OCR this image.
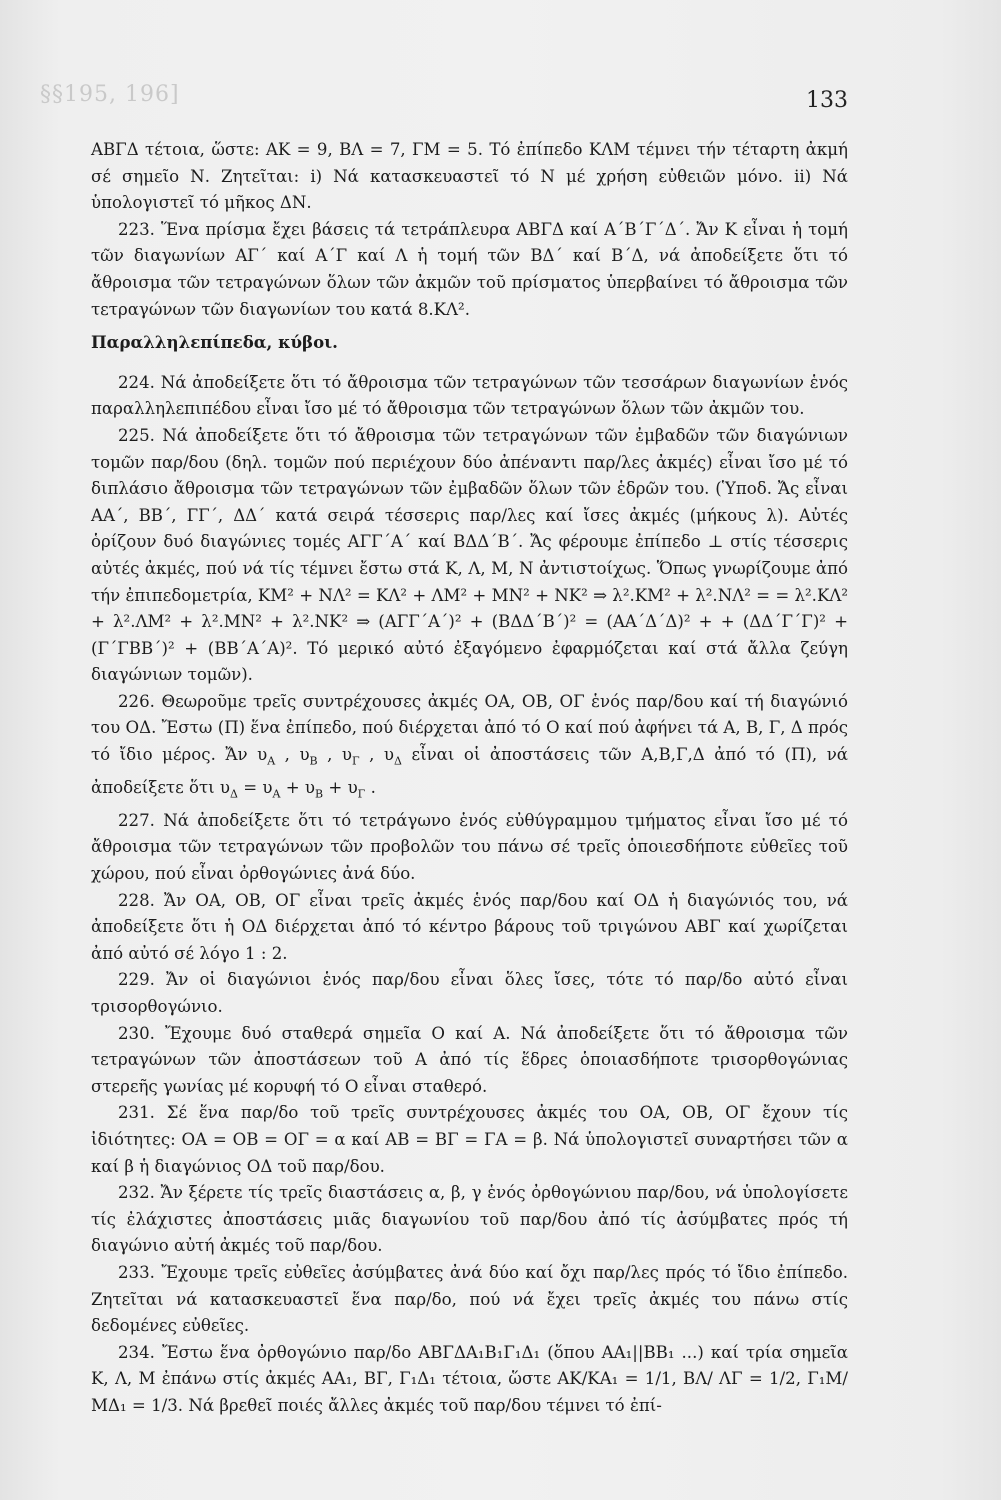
§§195, 196]	133

ΑΒΓΔ τέτοια, ὥστε: ΑΚ = 9, ΒΛ = 7, ΓΜ = 5. Τό ἐπίπεδο ΚΛΜ τέμνει τήν τέταρτη ἀκμή σέ σημεῖο Ν. Ζητεῖται: i) Νά κατασκευαστεῖ τό Ν μέ χρήση εὐθειῶν μόνο. ii) Νά ὑπολογιστεῖ τό μῆκος ΔΝ.

223. Ἕνα πρίσμα ἔχει βάσεις τά τετράπλευρα ΑΒΓΔ καί Α΄Β΄Γ΄Δ΄. Ἄν Κ εἶναι ἡ τομή τῶν διαγωνίων ΑΓ΄ καί Α΄Γ καί Λ ἡ τομή τῶν ΒΔ΄ καί Β΄Δ, νά ἀποδείξετε ὅτι τό ἄθροισμα τῶν τετραγώνων ὅλων τῶν ἀκμῶν τοῦ πρίσματος ὑπερβαίνει τό ἄθροισμα τῶν τετραγώνων τῶν διαγωνίων του κατά 8.ΚΛ².

Παραλληλεπίπεδα, κύβοι.

224. Νά ἀποδείξετε ὅτι τό ἄθροισμα τῶν τετραγώνων τῶν τεσσάρων διαγωνίων ἑνός παραλληλεπιπέδου εἶναι ἴσο μέ τό ἄθροισμα τῶν τετραγώνων ὅλων τῶν ἀκμῶν του.

225. Νά ἀποδείξετε ὅτι τό ἄθροισμα τῶν τετραγώνων τῶν ἐμβαδῶν τῶν διαγώνιων τομῶν παρ/δου (δηλ. τομῶν πού περιέχουν δύο ἀπέναντι παρ/λες ἀκμές) εἶναι ἴσο μέ τό διπλάσιο ἄθροισμα τῶν τετραγώνων τῶν ἐμβαδῶν ὅλων τῶν ἑδρῶν του. (Ὑποδ. Ἄς εἶναι ΑΑ΄, ΒΒ΄, ΓΓ΄, ΔΔ΄ κατά σειρά τέσσερις παρ/λες καί ἴσες ἀκμές (μήκους λ). Αὐτές ὁρίζουν δυό διαγώνιες τομές ΑΓΓ΄Α΄ καί ΒΔΔ΄Β΄. Ἄς φέρουμε ἐπίπεδο ⊥ στίς τέσσερις αὐτές ἀκμές, πού νά τίς τέμνει ἔστω στά Κ, Λ, Μ, Ν ἀντιστοίχως. Ὅπως γνωρίζουμε ἀπό τήν ἐπιπεδομετρία, ΚΜ² + ΝΛ² = ΚΛ² + ΛΜ² + ΜΝ² + ΝΚ² ⇒ λ².ΚΜ² + λ².ΝΛ² = = λ².ΚΛ² + λ².ΛΜ² + λ².ΜΝ² + λ².ΝΚ² ⇒ (ΑΓΓ΄Α΄)² + (ΒΔΔ΄Β΄)² = (ΑΑ΄Δ΄Δ)² + + (ΔΔ΄Γ΄Γ)² + (Γ΄ΓΒΒ΄)² + (ΒΒ΄Α΄Α)². Τό μερικό αὐτό ἐξαγόμενο ἐφαρμόζεται καί στά ἄλλα ζεύγη διαγώνιων τομῶν).

226. Θεωροῦμε τρεῖς συντρέχουσες ἀκμές ΟΑ, ΟΒ, ΟΓ ἑνός παρ/δου καί τή διαγώνιό του ΟΔ. Ἔστω (Π) ἕνα ἐπίπεδο, πού διέρχεται ἀπό τό Ο καί πού ἀφήνει τά Α, Β, Γ, Δ πρός τό ἴδιο μέρος. Ἄν $\upsilon_A$ , $\upsilon_B$ , $\upsilon_\Gamma$ , $\upsilon_\Delta$ εἶναι οἱ ἀποστάσεις τῶν Α,Β,Γ,Δ ἀπό τό (Π), νά ἀποδείξετε ὅτι $\upsilon_\Delta = \upsilon_A + \upsilon_B + \upsilon_\Gamma$ .

227. Νά ἀποδείξετε ὅτι τό τετράγωνο ἑνός εὐθύγραμμου τμήματος εἶναι ἴσο μέ τό ἄθροισμα τῶν τετραγώνων τῶν προβολῶν του πάνω σέ τρεῖς ὁποιεσδήποτε εὐθεῖες τοῦ χώρου, πού εἶναι ὀρθογώνιες ἀνά δύο.

228. Ἄν ΟΑ, ΟΒ, ΟΓ εἶναι τρεῖς ἀκμές ἑνός παρ/δου καί ΟΔ ἡ διαγώνιός του, νά ἀποδείξετε ὅτι ἡ ΟΔ διέρχεται ἀπό τό κέντρο βάρους τοῦ τριγώνου ΑΒΓ καί χωρίζεται ἀπό αὐτό σέ λόγο 1 : 2.

229. Ἄν οἱ διαγώνιοι ἑνός παρ/δου εἶναι ὅλες ἴσες, τότε τό παρ/δο αὐτό εἶναι τρισορθογώνιο.

230. Ἔχουμε δυό σταθερά σημεῖα Ο καί Α. Νά ἀποδείξετε ὅτι τό ἄθροισμα τῶν τετραγώνων τῶν ἀποστάσεων τοῦ Α ἀπό τίς ἕδρες ὁποιασδήποτε τρισορθογώνιας στερεῆς γωνίας μέ κορυφή τό Ο εἶναι σταθερό.

231. Σέ ἕνα παρ/δο τοῦ τρεῖς συντρέχουσες ἀκμές του ΟΑ, ΟΒ, ΟΓ ἔχουν τίς ἰδιότητες: ΟΑ = ΟΒ = ΟΓ = α καί ΑΒ = ΒΓ = ΓΑ = β. Νά ὑπολογιστεῖ συναρτήσει τῶν α καί β ἡ διαγώνιος ΟΔ τοῦ παρ/δου.

232. Ἄν ξέρετε τίς τρεῖς διαστάσεις α, β, γ ἑνός ὀρθογώνιου παρ/δου, νά ὑπολογίσετε τίς ἐλάχιστες ἀποστάσεις μιᾶς διαγωνίου τοῦ παρ/δου ἀπό τίς ἀσύμβατες πρός τή διαγώνιο αὐτή ἀκμές τοῦ παρ/δου.

233. Ἔχουμε τρεῖς εὐθεῖες ἀσύμβατες ἀνά δύο καί ὄχι παρ/λες πρός τό ἴδιο ἐπίπεδο. Ζητεῖται νά κατασκευαστεῖ ἕνα παρ/δο, πού νά ἔχει τρεῖς ἀκμές του πάνω στίς δεδομένες εὐθεῖες.

234. Ἔστω ἕνα ὀρθογώνιο παρ/δο ΑΒΓΔΑ₁Β₁Γ₁Δ₁ (ὅπου ΑΑ₁||ΒΒ₁ ...) καί τρία σημεῖα Κ, Λ, Μ ἐπάνω στίς ἀκμές ΑΑ₁, ΒΓ, Γ₁Δ₁ τέτοια, ὥστε ΑΚ/ΚΑ₁ = 1/1, ΒΛ/ ΛΓ = 1/2, Γ₁Μ/ΜΔ₁ = 1/3. Νά βρεθεῖ ποιές ἄλλες ἀκμές τοῦ παρ/δου τέμνει τό ἐπί-
